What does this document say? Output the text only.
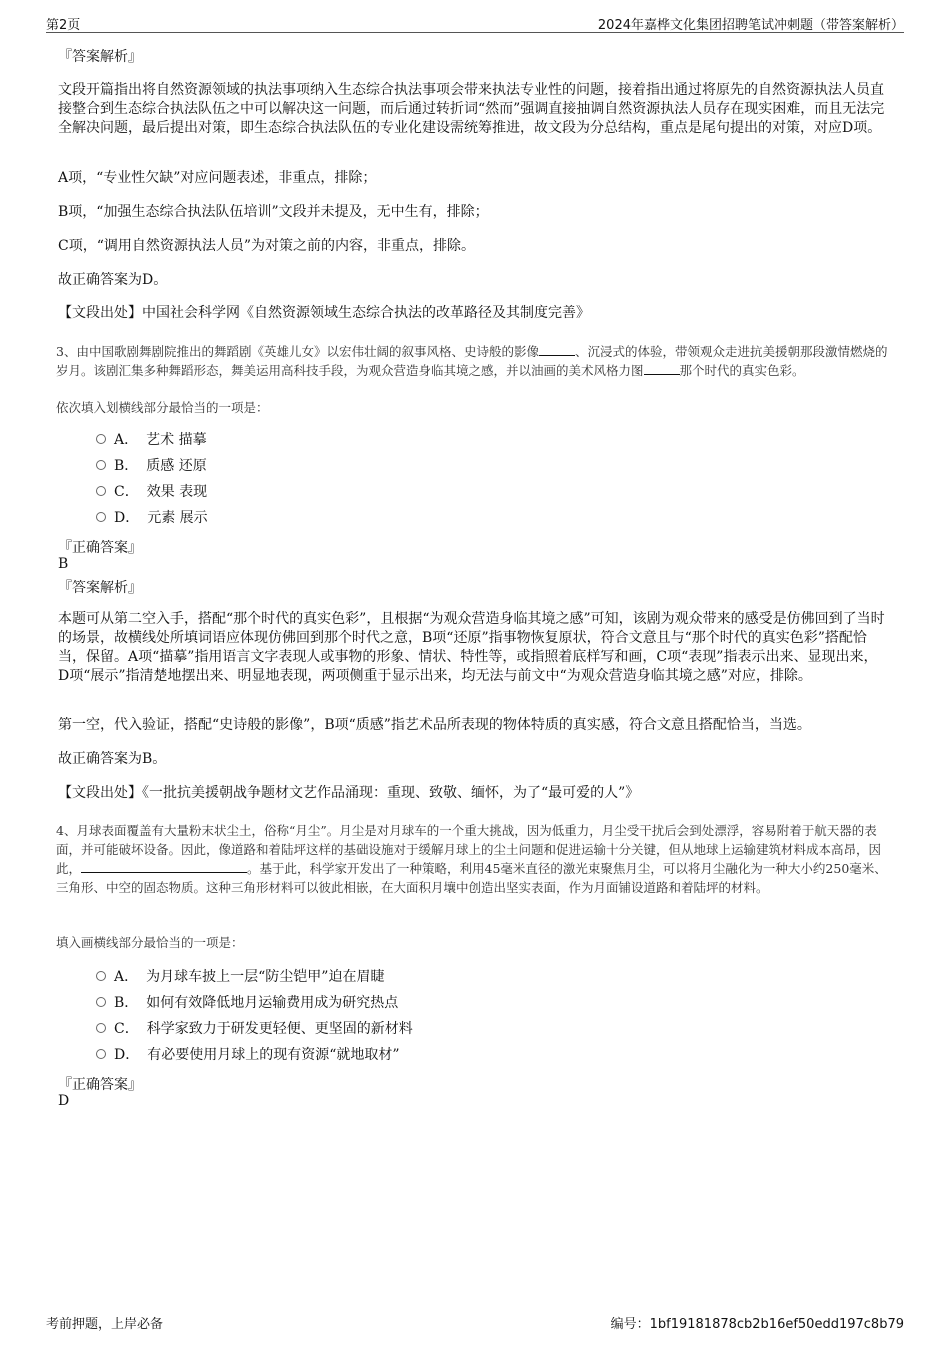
第2页	2024年嘉桦文化集团招聘笔试冲刺题（带答案解析）
『答案解析』
文段开篇指出将自然资源领域的执法事项纳入生态综合执法事项会带来执法专业性的问题，接着指出通过将原先的自然资源执法人员直接整合到生态综合执法队伍之中可以解决这一问题，而后通过转折词“然而”强调直接抽调自然资源执法人员存在现实困难，而且无法完全解决问题，最后提出对策，即生态综合执法队伍的专业化建设需统筹推进，故文段为分总结构，重点是尾句提出的对策，对应D项。
A项，“专业性欠缺”对应问题表述，非重点，排除；
B项，“加强生态综合执法队伍培训”文段并未提及，无中生有，排除；
C项，“调用自然资源执法人员”为对策之前的内容，非重点，排除。
故正确答案为D。
【文段出处】中国社会科学网《自然资源领域生态综合执法的改革路径及其制度完善》
3、由中国歌剧舞剧院推出的舞蹈剧《英雄儿女》以宏伟壮阔的叙事风格、史诗般的影像	、沉浸式的体验，带领观众走进抗美援朝那段激情燃烧的岁月。该剧汇集多种舞蹈形态，舞美运用高科技手段，为观众营造身临其境之感，并以油画的美术风格力图	那个时代的真实色彩。
依次填入划横线部分最恰当的一项是：
A． 艺术 描摹
B． 质感 还原
C． 效果 表现
D． 元素 展示
『正确答案』
B
『答案解析』
本题可从第二空入手，搭配“那个时代的真实色彩”，且根据“为观众营造身临其境之感”可知，该剧为观众带来的感受是仿佛回到了当时的场景，故横线处所填词语应体现仿佛回到那个时代之意，B项“还原”指事物恢复原状，符合文意且与“那个时代的真实色彩”搭配恰当，保留。A项“描摹”指用语言文字表现人或事物的形象、情状、特性等，或指照着底样写和画，C项“表现”指表示出来、显现出来，D项“展示”指清楚地摆出来、明显地表现，两项侧重于显示出来，均无法与前文中“为观众营造身临其境之感”对应，排除。
第一空，代入验证，搭配“史诗般的影像”，B项“质感”指艺术品所表现的物体特质的真实感，符合文意且搭配恰当，当选。
故正确答案为B。
【文段出处】《一批抗美援朝战争题材文艺作品涌现：重现、致敬、缅怀，为了“最可爱的人”》
4、月球表面覆盖有大量粉末状尘土，俗称“月尘”。月尘是对月球车的一个重大挑战，因为低重力，月尘受干扰后会到处漂浮，容易附着于航天器的表面，并可能破坏设备。因此，像道路和着陆坪这样的基础设施对于缓解月球上的尘土问题和促进运输十分关键，但从地球上运输建筑材料成本高昂，因此，	。基于此，科学家开发出了一种策略，利用45毫米直径的激光束聚焦月尘，可以将月尘融化为一种大小约250毫米、三角形、中空的固态物质。这种三角形材料可以彼此相嵌，在大面积月壤中创造出坚实表面，作为月面铺设道路和着陆坪的材料。
填入画横线部分最恰当的一项是：
A． 为月球车披上一层“防尘铠甲”迫在眉睫
B． 如何有效降低地月运输费用成为研究热点
C． 科学家致力于研发更轻便、更坚固的新材料
D． 有必要使用月球上的现有资源“就地取材”
『正确答案』
D
考前押题，上岸必备	编号：1bf19181878cb2b16ef50edd197c8b79
